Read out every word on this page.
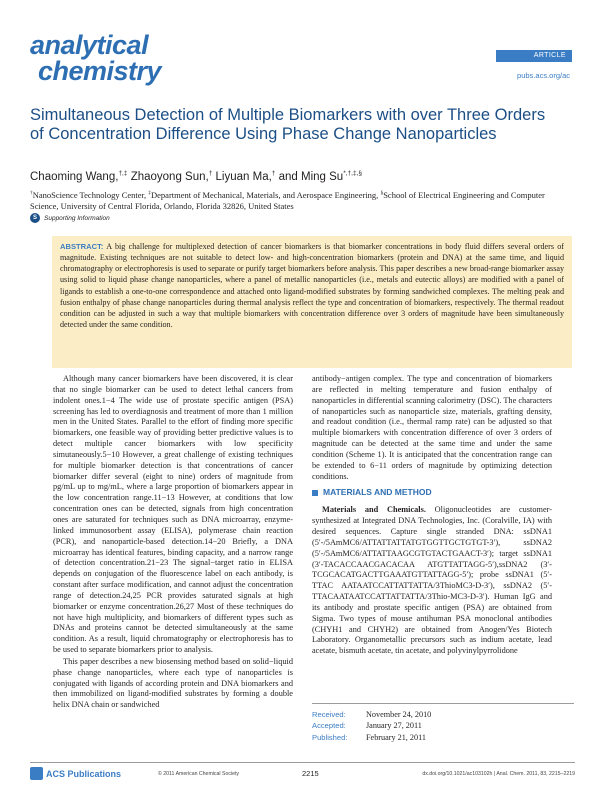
analytical
chemistry
ARTICLE
pubs.acs.org/ac
Simultaneous Detection of Multiple Biomarkers with over Three Orders of Concentration Difference Using Phase Change Nanoparticles
Chaoming Wang,†,‡ Zhaoyong Sun,† Liyuan Ma,† and Ming Su*,†,‡,§
†NanoScience Technology Center, ‡Department of Mechanical, Materials, and Aerospace Engineering, §School of Electrical Engineering and Computer Science, University of Central Florida, Orlando, Florida 32826, United States
S	Supporting Information
ABSTRACT: A big challenge for multiplexed detection of cancer biomarkers is that biomarker concentrations in body fluid differs several orders of magnitude. Existing techniques are not suitable to detect low- and high-concentration biomarkers (protein and DNA) at the same time, and liquid chromatography or electrophoresis is used to separate or purify target biomarkers before analysis. This paper describes a new broad-range biomarker assay using solid to liquid phase change nanoparticles, where a panel of metallic nanoparticles (i.e., metals and eutectic alloys) are modified with a panel of ligands to establish a one-to-one correspondence and attached onto ligand-modified substrates by forming sandwiched complexes. The melting peak and fusion enthalpy of phase change nanoparticles during thermal analysis reflect the type and concentration of biomarkers, respectively. The thermal readout condition can be adjusted in such a way that multiple biomarkers with concentration difference over 3 orders of magnitude have been simultaneously detected under the same condition.

Although many cancer biomarkers have been discovered, it is clear that no single biomarker can be used to detect lethal cancers from indolent ones.1−4 The wide use of prostate specific antigen (PSA) screening has led to overdiagnosis and treatment of more than 1 million men in the United States. Parallel to the effort of finding more specific biomarkers, one feasible way of providing better predictive values is to detect multiple cancer biomarkers with low specificity simutaneously.5−10 However, a great challenge of existing techniques for multiple biomarker detection is that concentrations of cancer biomarker differ several (eight to nine) orders of magnitude from pg/mL up to mg/mL, where a large proportion of biomarkers appear in the low concentration range.11−13 However, at conditions that low concentration ones can be detected, signals from high concentration ones are saturated for techniques such as DNA microarray, enzyme-linked immunosorbent assay (ELISA), polymerase chain reaction (PCR), and nanoparticle-based detection.14−20 Briefly, a DNA microarray has identical features, binding capacity, and a narrow range of detection concentration.21−23 The signal−target ratio in ELISA depends on conjugation of the fluorescence label on each antibody, is constant after surface modification, and cannot adjust the concentration range of detection.24,25 PCR provides saturated signals at high biomarker or enzyme concentration.26,27 Most of these techniques do not have high multiplicity, and biomarkers of different types such as DNAs and proteins cannot be detected simultaneously at the same condition. As a result, liquid chromatography or electrophoresis has to be used to separate biomarkers prior to analysis.

This paper describes a new biosensing method based on solid−liquid phase change nanoparticles, where each type of nanoparticles is conjugated with ligands of according protein and DNA biomarkers and then immobilized on ligand-modified substrates by forming a double helix DNA chain or sandwiched

antibody−antigen complex. The type and concentration of biomarkers are reflected in melting temperature and fusion enthalpy of nanoparticles in differential scanning calorimetry (DSC). The characters of nanoparticles such as nanoparticle size, materials, grafting density, and readout condition (i.e., thermal ramp rate) can be adjusted so that multiple biomarkers with concentration difference of over 3 orders of magnitude can be detected at the same time and under the same condition (Scheme 1). It is anticipated that the concentration range can be extended to 6−11 orders of magnitude by optimizing detection conditions.

MATERIALS AND METHOD

Materials and Chemicals. Oligonucleotides are customer-synthesized at Integrated DNA Technologies, Inc. (Coralville, IA) with desired sequences. Capture single stranded DNA: ssDNA1 (5′-/5AmMC6/ATTATTATTATGTGGTTGCTGTGT-3′), ssDNA2 (5′-/5AmMC6/ATTATTAAGCGTGTACTGAACT-3′); target ssDNA1 (3′-TACACCAACGACACAA ATGTTATTAGG-5′),ssDNA2 (3′-TCGCACATGACTTGAAATGTTATTAGG-5′); probe ssDNA1 (5′-TTAC AATAATCCATTATTATTA/3ThioMC3-D-3′), ssDNA2 (5′-TTACAATAATCCATTATTATTA/3Thio-MC3-D-3′). Human IgG and its antibody and prostate specific antigen (PSA) are obtained from Sigma. Two types of mouse antihuman PSA monoclonal antibodies (CHYH1 and CHYH2) are obtained from Anogen/Yes Biotech Laboratory. Organometallic precursors such as indium acetate, lead acetate, bismuth acetate, tin acetate, and polyvinylpyrrolidone

Received:	November 24, 2010
Accepted:	January 27, 2011
Published:	February 21, 2011
ACS Publications	© 2011 American Chemical Society	2215	dx.doi.org/10.1021/ac103102h | Anal. Chem. 2011, 83, 2215–2219
